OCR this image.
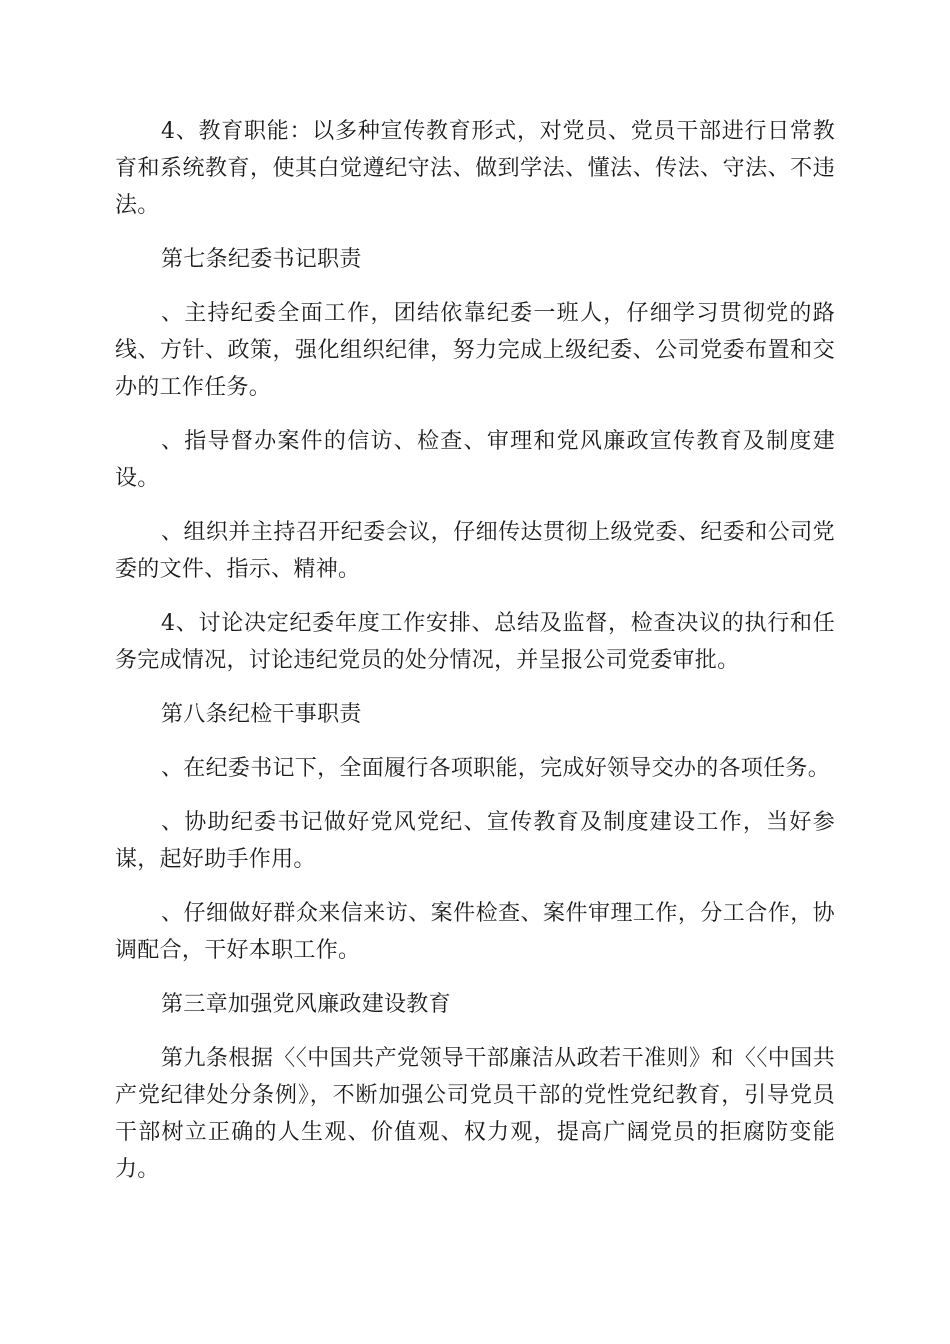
4、教育职能：以多种宣传教育形式，对党员、党员干部进行日常教育和系统教育，使其白觉遵纪守法、做到学法、懂法、传法、守法、不违法。

第七条纪委书记职责

、主持纪委全面工作，团结依靠纪委一班人，仔细学习贯彻党的路线、方针、政策，强化组织纪律，努力完成上级纪委、公司党委布置和交办的工作任务。

、指导督办案件的信访、检查、审理和党风廉政宣传教育及制度建设。

、组织并主持召开纪委会议，仔细传达贯彻上级党委、纪委和公司党委的文件、指示、精神。

4、讨论决定纪委年度工作安排、总结及监督，检查决议的执行和任务完成情况，讨论违纪党员的处分情况，并呈报公司党委审批。

第八条纪检干事职责

、在纪委书记下，全面履行各项职能，完成好领导交办的各项任务。

、协助纪委书记做好党风党纪、宣传教育及制度建设工作，当好参谋，起好助手作用。

、仔细做好群众来信来访、案件检查、案件审理工作，分工合作，协调配合，干好本职工作。

第三章加强党风廉政建设教育

第九条根据〈〈中国共产党领导干部廉洁从政若干准则》和〈〈中国共产党纪律处分条例》，不断加强公司党员干部的党性党纪教育，引导党员干部树立正确的人生观、价值观、权力观，提高广阔党员的拒腐防变能力。
